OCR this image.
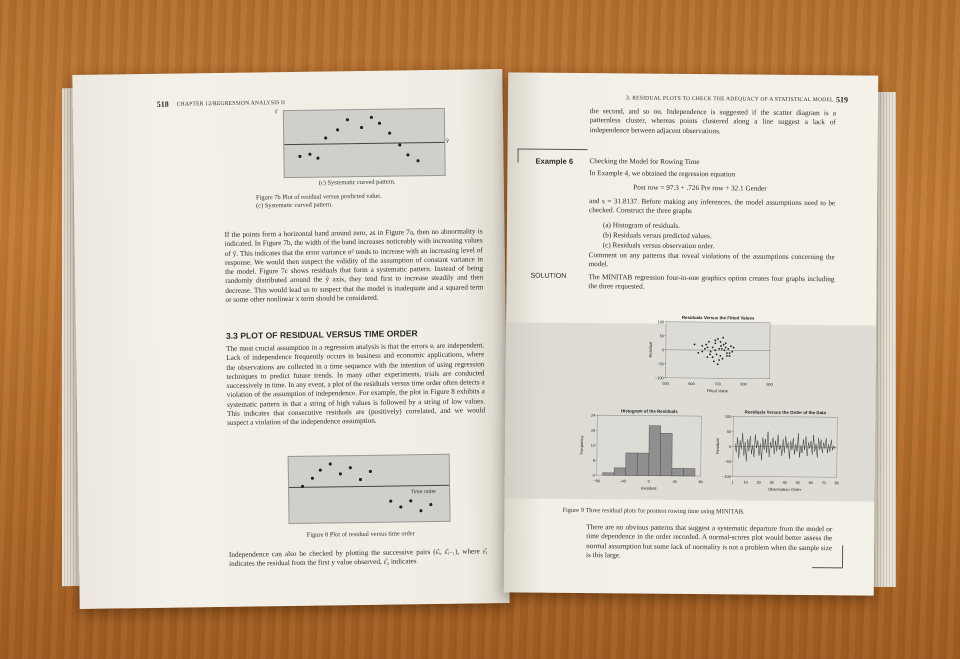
518 CHAPTER 12/REGRESSION ANALYSIS II
ε̂
ŷ
(c) Systematic curved pattern.
Figure 7b Plot of residual versus predicted value.
(c) Systematic curved pattern.

If the points form a horizontal band around zero, as in Figure 7a, then no abnormality is indicated. In Figure 7b, the width of the band increases noticeably with increasing values of ŷ. This indicates that the error variance σ² tends to increase with an increasing level of response. We would then suspect the validity of the assumption of constant variance in the model. Figure 7c shows residuals that form a systematic pattern. Instead of being randomly distributed around the ŷ axis, they tend first to increase steadily and then decrease. This would lead us to suspect that the model is inadequate and a squared term or some other nonlinear x term should be considered.

3.3 PLOT OF RESIDUAL VERSUS TIME ORDER

The most crucial assumption in a regression analysis is that the errors eᵢ are independent. Lack of independence frequently occurs in business and economic applications, where the observations are collected in a time sequence with the intention of using regression techniques to predict future trends. In many other experiments, trials are conducted successively in time. In any event, a plot of the residuals versus time order often detects a violation of the assumption of independence. For example, the plot in Figure 8 exhibits a systematic pattern in that a string of high values is followed by a string of low values. This indicates that consecutive residuals are (positively) correlated, and we would suspect a violation of the independence assumption.

Time order
Figure 8 Plot of residual versus time order

Independence can also be checked by plotting the successive pairs (ε̂ᵢ, ε̂ᵢ₋₁), where ε̂ᵢ indicates the residual from the first y value observed, ε̂₂ indicates

3. RESIDUAL PLOTS TO CHECK THE ADEQUACY OF A STATISTICAL MODEL 519

the second, and so on. Independence is suggested if the scatter diagram is a patternless cluster, whereas points clustered along a line suggest a lack of independence between adjacent observations.

Example 6 Checking the Model for Rowing Time
In Example 4, we obtained the regression equation
Post row = 97.3 + .726 Pre row + 32.1 Gender

and s = 31.8137. Before making any inferences, the model assumptions need to be checked. Construct the three graphs

(a) Histogram of residuals.
(b) Residuals versus predicted values.
(c) Residuals versus observation order.

Comment on any patterns that reveal violations of the assumptions concerning the model.

SOLUTION	The MINITAB regression four-in-one graphics option creates four graphs including the three requested.

Residuals Versus the Fitted Values
Fitted Value
Residual
100
50
0
−50
−100
500	600	700	800	900
Histogram of the Residuals
Residual
Frequency
24
18
12
6
0
−80	−40	0	40	80
Residuals Versus the Order of the Data
Observation Order
Residual
100
50
0
−50
−100
1	10 20 30 40 50 60 70 80
Figure 9 Three residual plots for posttest rowing time using MINITAB.

There are no obvious patterns that suggest a systematic departure from the model or time dependence in the order recorded. A normal-scores plot would better assess the normal assumption but some lack of normality is not a problem when the sample size is this large.
